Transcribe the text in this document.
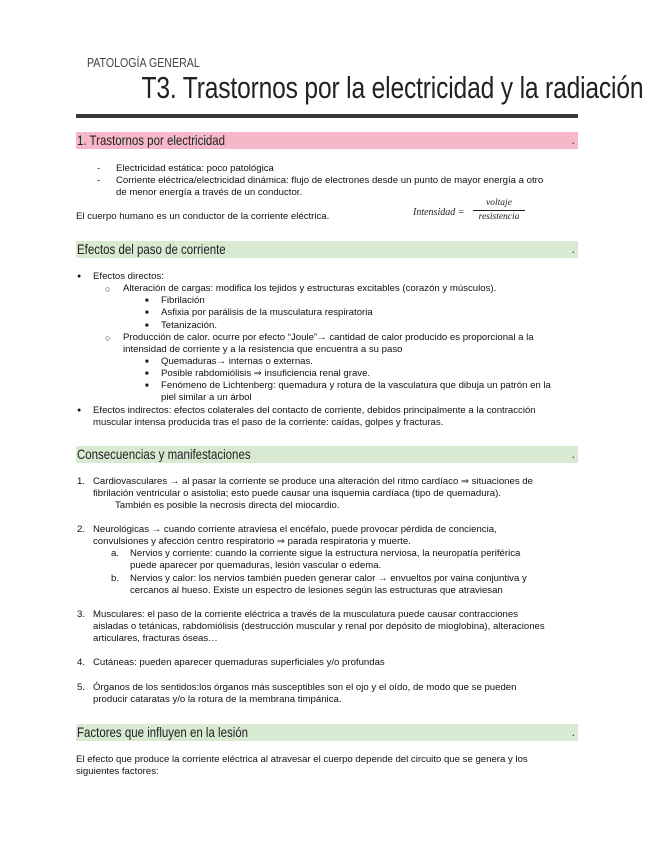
PATOLOGÍA GENERAL
T3. Trastornos por la electricidad y la radiación
1. Trastornos por electricidad	.
- Electricidad estática: poco patológica
- Corriente eléctrica/electricidad dinámica: flujo de electrones desde un punto de mayor energía a otro
de menor energía a través de un conductor.
El cuerpo humano es un conductor de la corriente eléctrica.	Intensidad =
voltaje
resistencia
Efectos del paso de corriente	.
● Efectos directos:
○ Alteración de cargas: modifica los tejidos y estructuras excitables (corazón y músculos).
■ Fibrilación
■ Asfixia por parálisis de la musculatura respiratoria
■ Tetanización.
○ Producción de calor. ocurre por efecto “Joule”→ cantidad de calor producido es proporcional a la
intensidad de corriente y a la resistencia que encuentra a su paso
■ Quemaduras→ internas o externas.
■ Posible rabdomiólisis ⇒ insuficiencia renal grave.
■ Fenómeno de Lichtenberg: quemadura y rotura de la vasculatura que dibuja un patrón en la
piel similar a un árbol
● Efectos indirectos: efectos colaterales del contacto de corriente, debidos principalmente a la contracción
muscular intensa producida tras el paso de la corriente: caídas, golpes y fracturas.
Consecuencias y manifestaciones	.
1. Cardiovasculares → al pasar la corriente se produce una alteración del ritmo cardíaco ⇒ situaciones de
fibrilación ventricular o asistolia; esto puede causar una isquemia cardíaca (tipo de quemadura).
También es posible la necrosis directa del miocardio.
2. Neurológicas → cuando corriente atraviesa el encéfalo, puede provocar pérdida de conciencia,
convulsiones y afección centro respiratorio ⇒ parada respiratoria y muerte.
a. Nervios y corriente: cuando la corriente sigue la estructura nerviosa, la neuropatía periférica
puede aparecer por quemaduras, lesión vascular o edema.
b. Nervios y calor: los nervios también pueden generar calor → envueltos por vaina conjuntiva y
cercanos al hueso. Existe un espectro de lesiones según las estructuras que atraviesan
3. Musculares: el paso de la corriente eléctrica a través de la musculatura puede causar contracciones
aisladas o tetánicas, rabdomiólisis (destrucción muscular y renal por depósito de mioglobina), alteraciones
articulares, fracturas óseas…
4. Cutáneas: pueden aparecer quemaduras superficiales y/o profundas
5. Órganos de los sentidos:los órganos más susceptibles son el ojo y el oído, de modo que se pueden
producir cataratas y/o la rotura de la membrana timpánica.
Factores que influyen en la lesión	.
El efecto que produce la corriente eléctrica al atravesar el cuerpo depende del circuito que se genera y los
siguientes factores:
